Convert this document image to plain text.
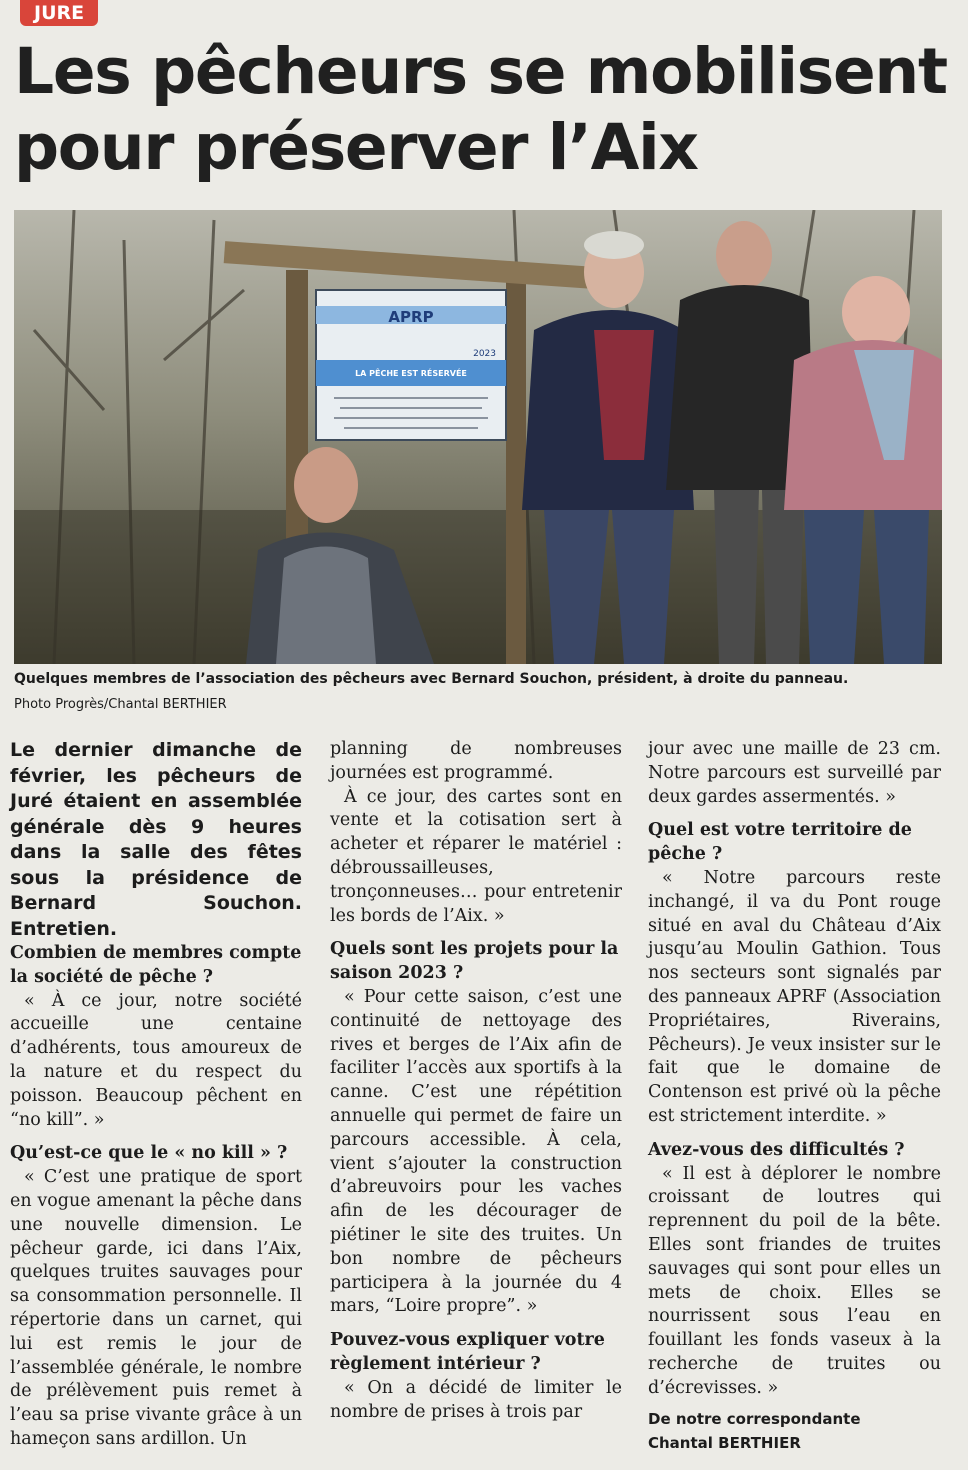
JURE
Les pêcheurs se mobilisent pour préserver l’Aix
APRP
2023
LA PÊCHE EST RÉSERVÉE
Quelques membres de l’association des pêcheurs avec Bernard Souchon, président, à droite du panneau.
Photo Progrès/Chantal BERTHIER

Le dernier dimanche de février, les pêcheurs de Juré étaient en assemblée générale dès 9 heures dans la salle des fêtes sous la présidence de Bernard Souchon. Entretien.

Combien de membres compte la société de pêche ?

« À ce jour, notre société accueille une centaine d’adhérents, tous amoureux de la nature et du respect du poisson. Beaucoup pêchent en “no kill”. »

Qu’est-ce que le « no kill » ?

« C’est une pratique de sport en vogue amenant la pêche dans une nouvelle dimension. Le pêcheur garde, ici dans l’Aix, quelques truites sauvages pour sa consommation personnelle. Il répertorie dans un carnet, qui lui est remis le jour de l’assemblée générale, le nombre de prélèvement puis remet à l’eau sa prise vivante grâce à un hameçon sans ardillon. Un

planning de nombreuses journées est programmé.

À ce jour, des cartes sont en vente et la cotisation sert à acheter et réparer le matériel : débroussailleuses, tronçonneuses… pour entretenir les bords de l’Aix. »

Quels sont les projets pour la saison 2023 ?

« Pour cette saison, c’est une continuité de nettoyage des rives et berges de l’Aix afin de faciliter l’accès aux sportifs à la canne. C’est une répétition annuelle qui permet de faire un parcours accessible. À cela, vient s’ajouter la construction d’abreuvoirs pour les vaches afin de les décourager de piétiner le site des truites. Un bon nombre de pêcheurs participera à la journée du 4 mars, “Loire propre”. »

Pouvez-vous expliquer votre règlement intérieur ?

« On a décidé de limiter le nombre de prises à trois par

jour avec une maille de 23 cm. Notre parcours est surveillé par deux gardes assermentés. »

Quel est votre territoire de pêche ?

« Notre parcours reste inchangé, il va du Pont rouge situé en aval du Château d’Aix jusqu’au Moulin Gathion. Tous nos secteurs sont signalés par des panneaux APRF (Association Propriétaires, Riverains, Pêcheurs). Je veux insister sur le fait que le domaine de Contenson est privé où la pêche est strictement interdite. »

Avez-vous des difficultés ?

« Il est à déplorer le nombre croissant de loutres qui reprennent du poil de la bête. Elles sont friandes de truites sauvages qui sont pour elles un mets de choix. Elles se nourrissent sous l’eau en fouillant les fonds vaseux à la recherche de truites ou d’écrevisses. »

De notre correspondante
Chantal BERTHIER
